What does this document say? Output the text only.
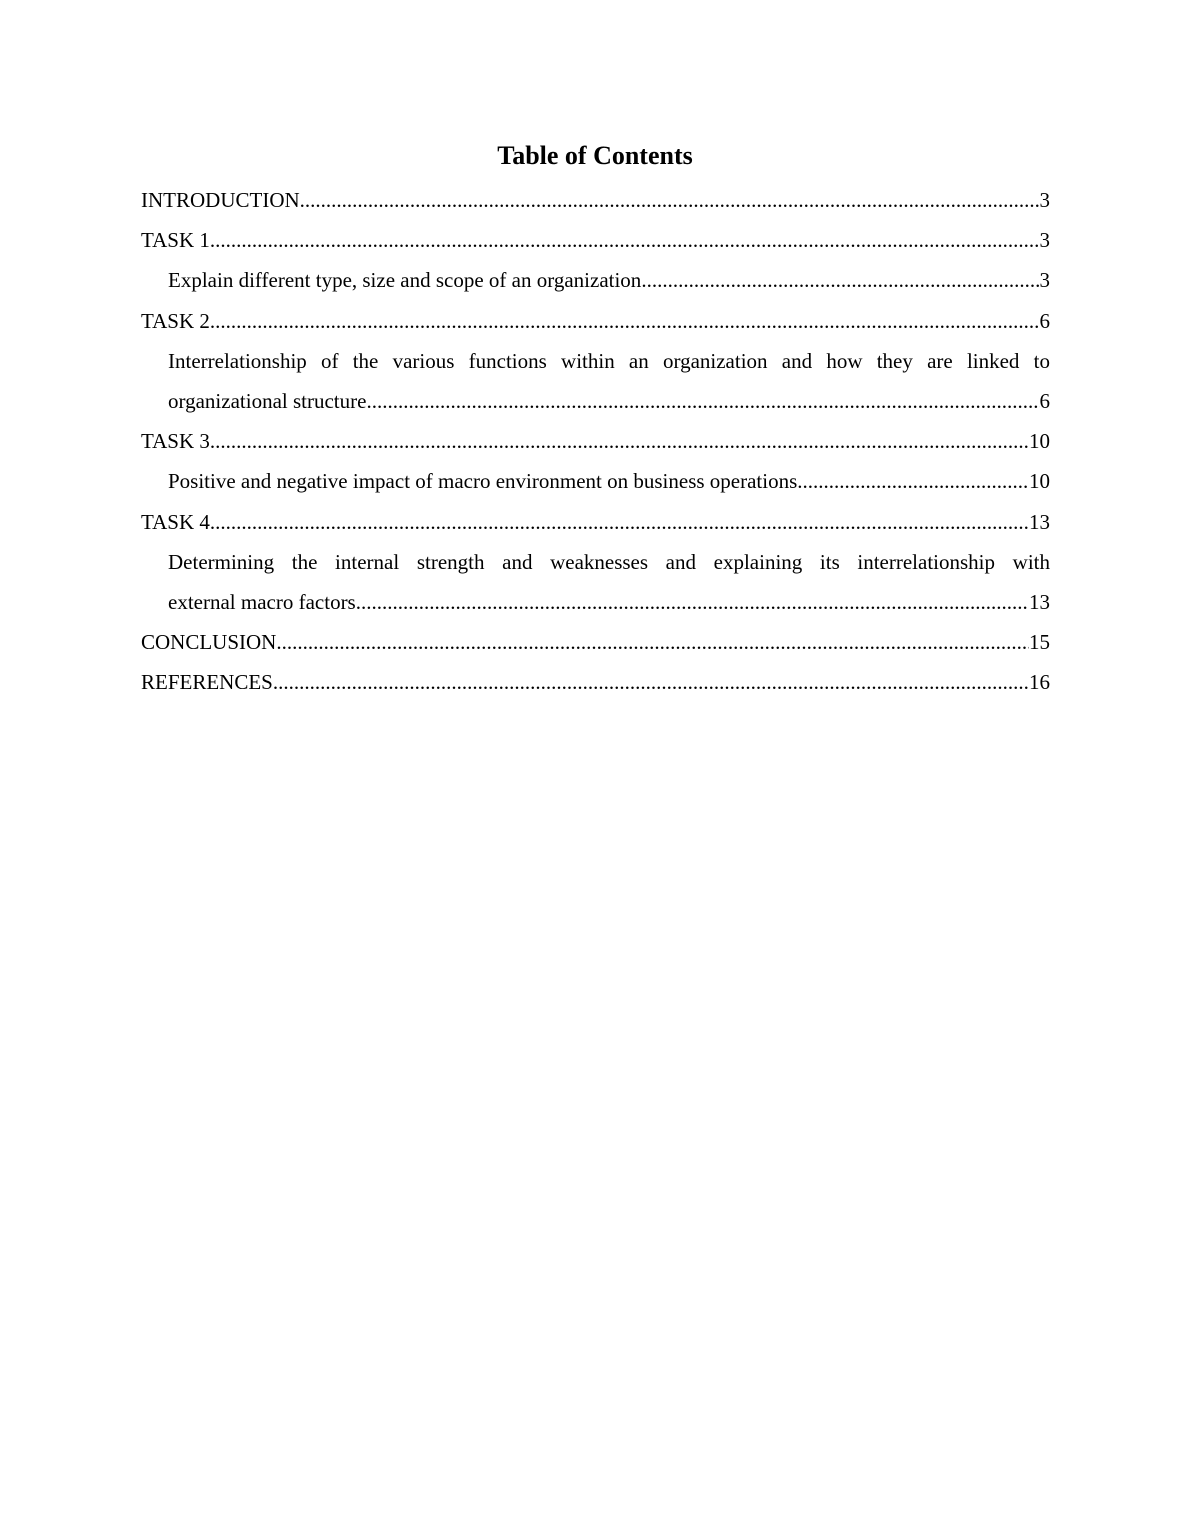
Table of Contents
INTRODUCTION .....	3
TASK 1 .....	3
Explain different type, size and scope of an organization .....	3
TASK 2 .....	6
Interrelationship of the various functions within an organization and how they are linked to
organizational structure .....	6
TASK 3 .....	10
Positive and negative impact of macro environment on business operations .....	10
TASK 4 .....	13
Determining the internal strength and weaknesses and explaining its interrelationship with
external macro factors .....	13
CONCLUSION .....	15
REFERENCES .....	16
